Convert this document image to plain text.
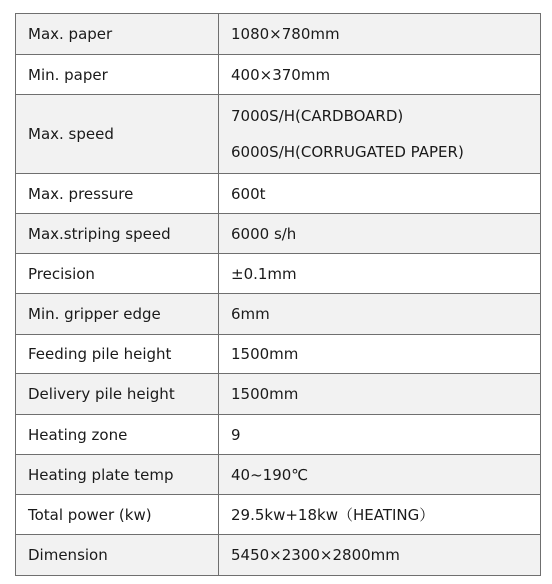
Max. paper	1080×780mm

Min. paper	400×370mm

Max. speed	7000S/H(CARDBOARD)
6000S/H(CORRUGATED PAPER)

Max. pressure	600t

Max.striping speed	6000 s/h

Precision	±0.1mm

Min. gripper edge	6mm

Feeding pile height	1500mm

Delivery pile height	1500mm

Heating zone	9

Heating plate temp	40~190℃

Total power (kw)	29.5kw+18kw（HEATING）

Dimension	5450×2300×2800mm
